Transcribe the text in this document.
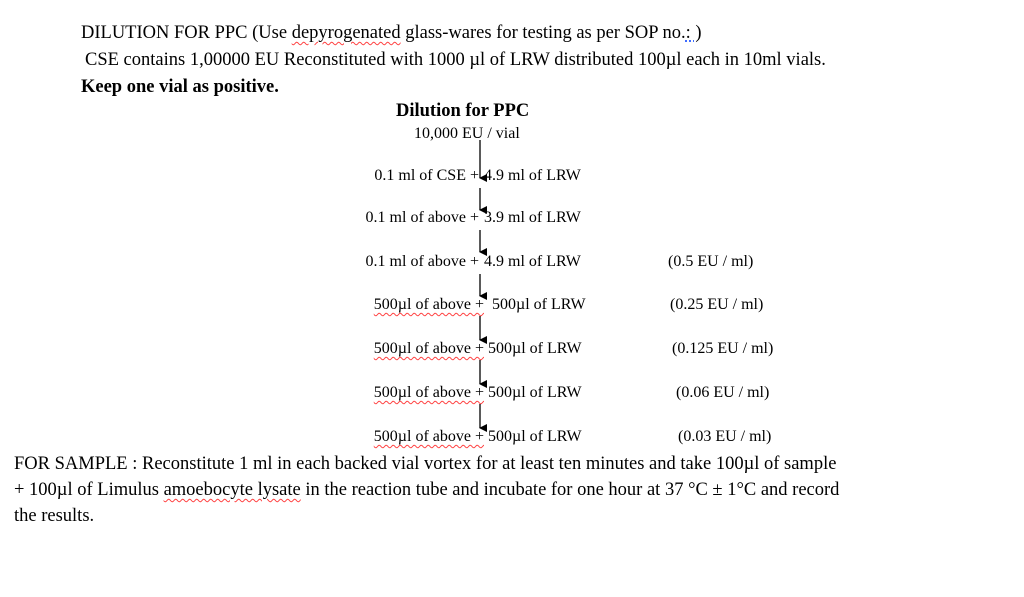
DILUTION FOR PPC (Use depyrogenated glass-wares for testing as per SOP no.: )
CSE contains 1,00000 EU Reconstituted with 1000 µl of LRW distributed 100µl each in 10ml vials.
Keep one vial as positive.
Dilution for PPC
10,000 EU / vial
0.1 ml of CSE + 4.9 ml of LRW
0.1 ml of above + 3.9 ml of LRW
0.1 ml of above + 4.9 ml of LRW	(0.5 EU / ml)
500µl of above + 500µl of LRW	(0.25 EU / ml)
500µl of above + 500µl of LRW	(0.125 EU / ml)
500µl of above + 500µl of LRW	(0.06 EU / ml)
500µl of above + 500µl of LRW	(0.03 EU / ml)
FOR SAMPLE : Reconstitute 1 ml in each backed vial vortex for at least ten minutes and take 100µl of sample
+ 100µl of Limulus amoebocyte lysate in the reaction tube and incubate for one hour at 37 °C ± 1°C and record
the results.
